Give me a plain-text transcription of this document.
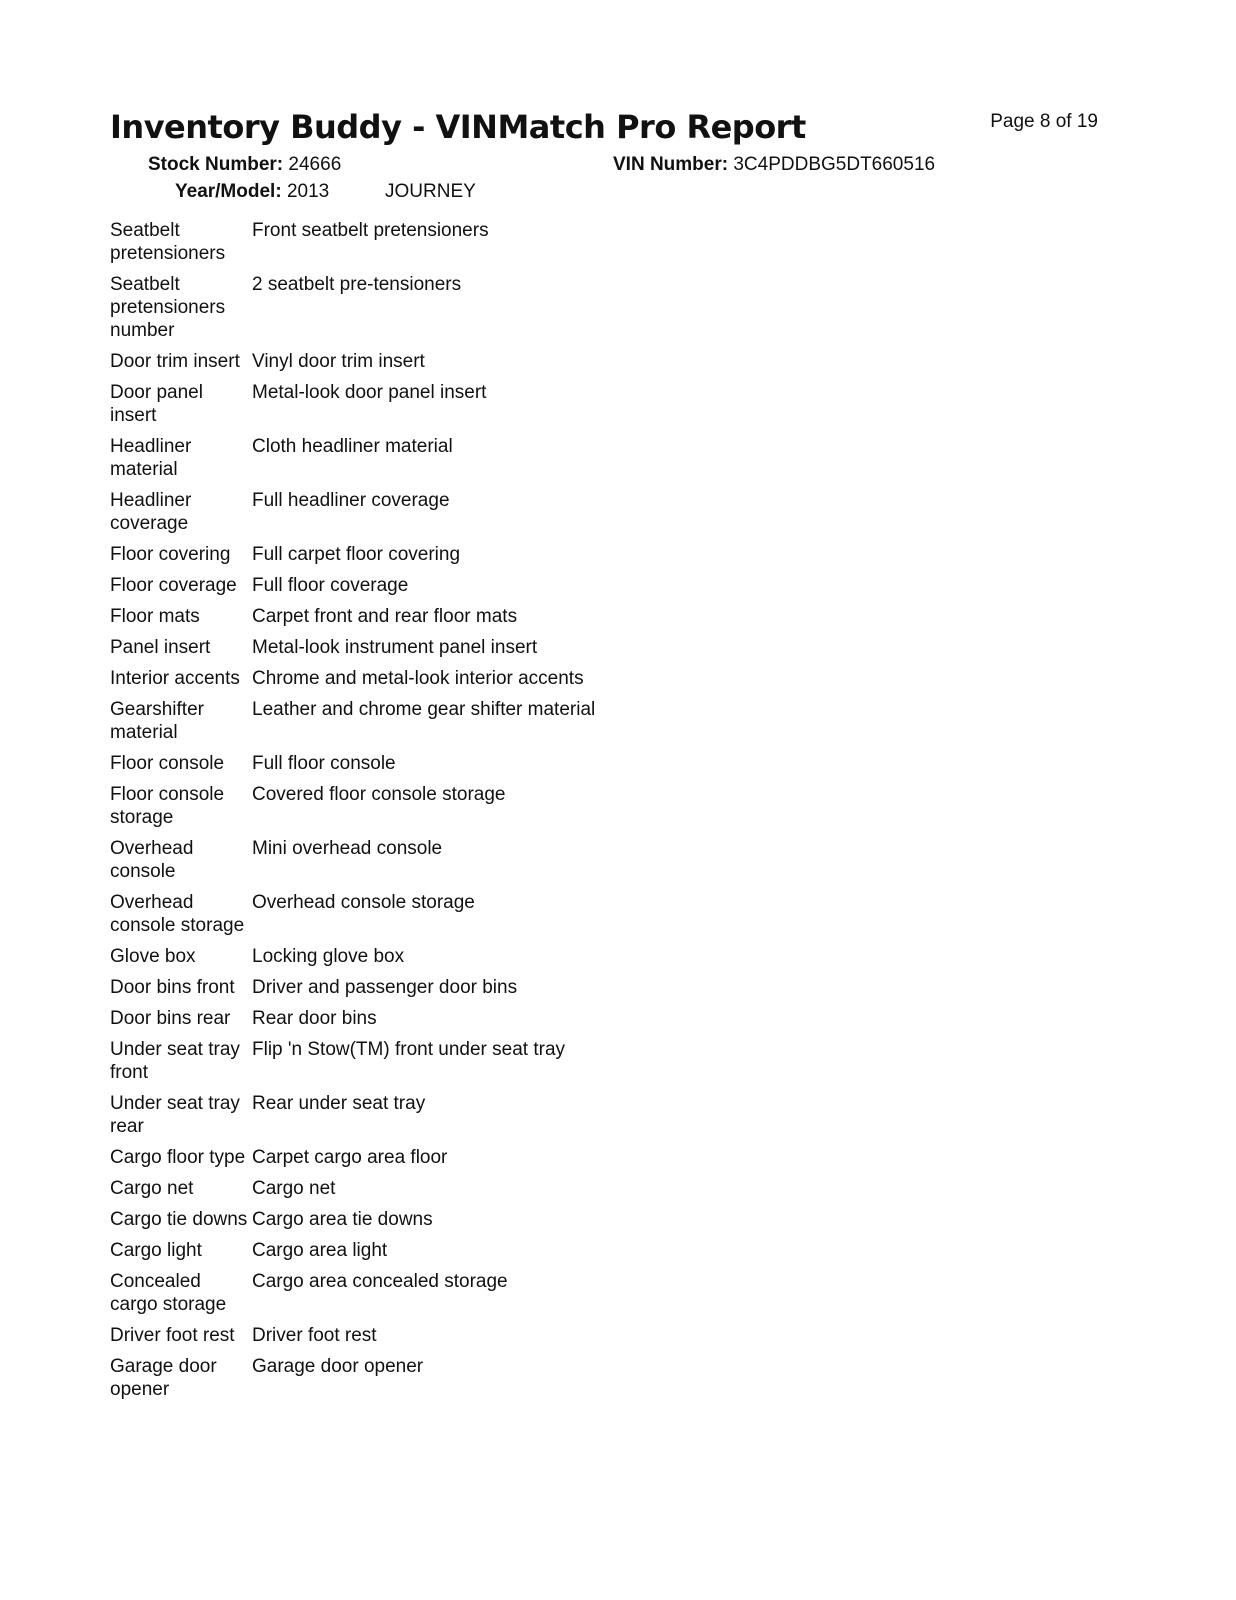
Inventory Buddy - VINMatch Pro Report	Page 8 of 19
Stock Number: 24666
Year/Model: 2013	JOURNEY
VIN Number: 3C4PDDBG5DT660516
Seatbelt pretensioners	Front seatbelt pretensioners
Seatbelt pretensioners number	2 seatbelt pre-tensioners
Door trim insert	Vinyl door trim insert
Door panel insert	Metal-look door panel insert
Headliner material	Cloth headliner material
Headliner coverage	Full headliner coverage
Floor covering	Full carpet floor covering
Floor coverage	Full floor coverage
Floor mats	Carpet front and rear floor mats
Panel insert	Metal-look instrument panel insert
Interior accents	Chrome and metal-look interior accents
Gearshifter material	Leather and chrome gear shifter material
Floor console	Full floor console
Floor console storage	Covered floor console storage
Overhead console	Mini overhead console
Overhead console storage	Overhead console storage
Glove box	Locking glove box
Door bins front	Driver and passenger door bins
Door bins rear	Rear door bins
Under seat tray front	Flip 'n Stow(TM) front under seat tray
Under seat tray rear	Rear under seat tray
Cargo floor type	Carpet cargo area floor
Cargo net	Cargo net
Cargo tie downs	Cargo area tie downs
Cargo light	Cargo area light
Concealed cargo storage	Cargo area concealed storage
Driver foot rest	Driver foot rest
Garage door opener	Garage door opener
